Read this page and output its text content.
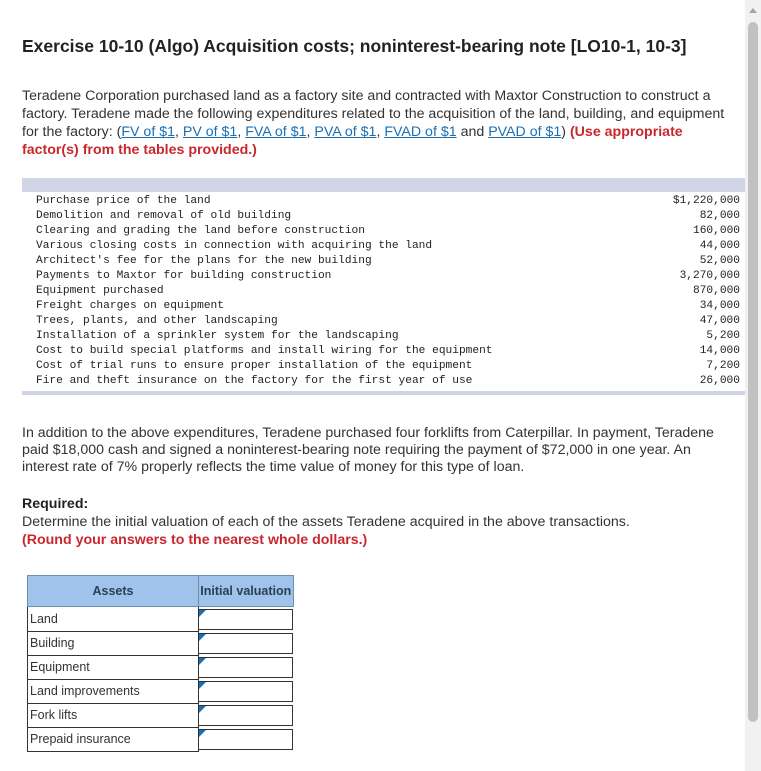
Exercise 10-10 (Algo) Acquisition costs; noninterest-bearing note [LO10-1, 10-3]
Teradene Corporation purchased land as a factory site and contracted with Maxtor Construction to construct a factory. Teradene made the following expenditures related to the acquisition of the land, building, and equipment for the factory: (FV of $1, PV of $1, FVA of $1, PVA of $1, FVAD of $1 and PVAD of $1) (Use appropriate factor(s) from the tables provided.)
Purchase price of the land	$1,220,000
Demolition and removal of old building	82,000
Clearing and grading the land before construction	160,000
Various closing costs in connection with acquiring the land	44,000
Architect's fee for the plans for the new building	52,000
Payments to Maxtor for building construction	3,270,000
Equipment purchased	870,000
Freight charges on equipment	34,000
Trees, plants, and other landscaping	47,000
Installation of a sprinkler system for the landscaping	5,200
Cost to build special platforms and install wiring for the equipment	14,000
Cost of trial runs to ensure proper installation of the equipment	7,200
Fire and theft insurance on the factory for the first year of use	26,000
In addition to the above expenditures, Teradene purchased four forklifts from Caterpillar. In payment, Teradene paid $18,000 cash and signed a noninterest-bearing note requiring the payment of $72,000 in one year. An interest rate of 7% properly reflects the time value of money for this type of loan.
Required:
Determine the initial valuation of each of the assets Teradene acquired in the above transactions.
(Round your answers to the nearest whole dollars.)
Assets	Initial valuation
Land	

Building	

Equipment	

Land improvements	

Fork lifts	

Prepaid insurance	
